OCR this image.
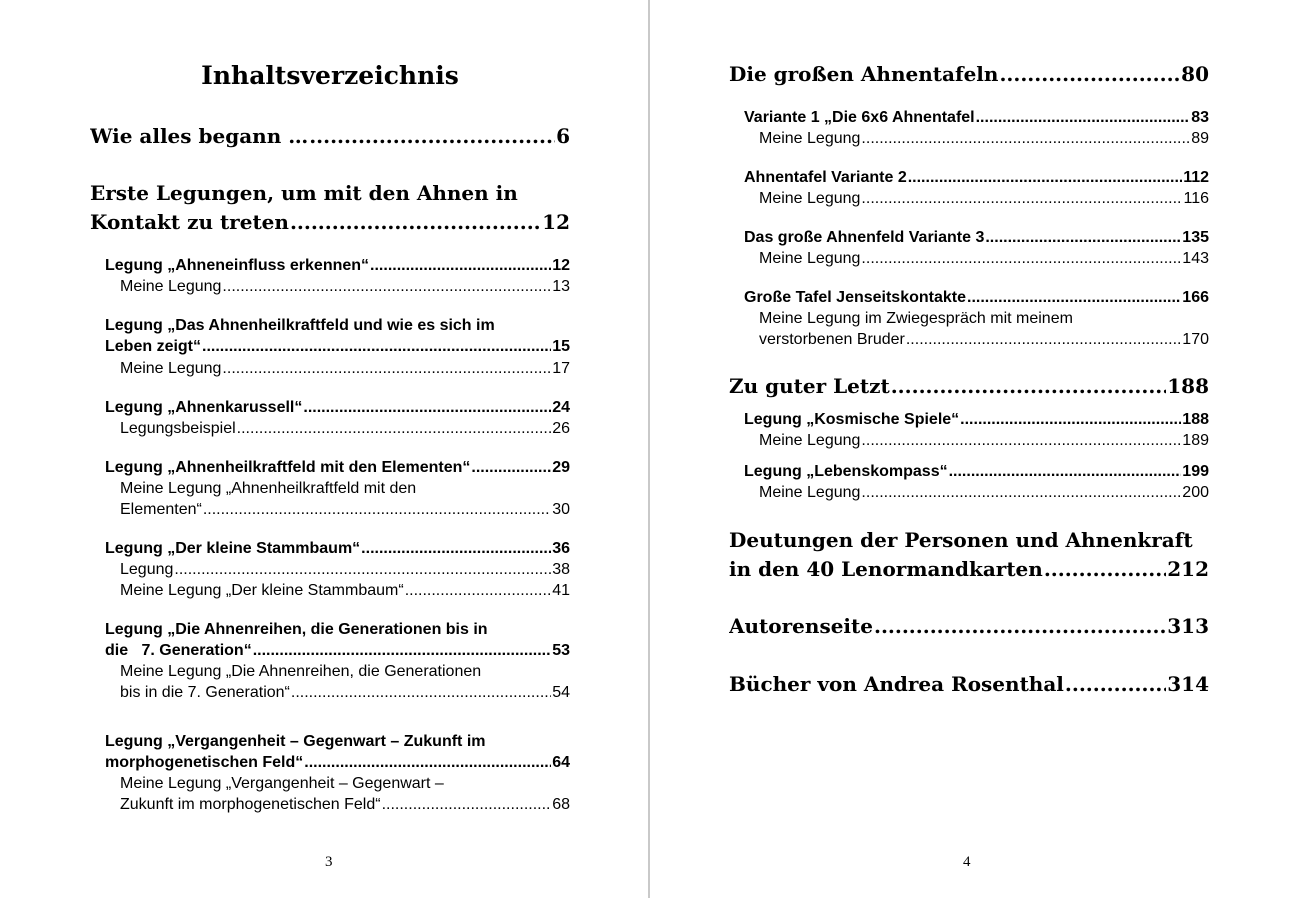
Inhaltsverzeichnis
Wie alles begann … .....	6
Erste Legungen, um mit den Ahnen in
Kontakt zu treten .....	12
Legung „Ahneneinfluss erkennen“ .....	12
Meine Legung .....	13
Legung „Das Ahnenheilkraftfeld und wie es sich im
Leben zeigt“ .....	15
Meine Legung .....	17
Legung „Ahnenkarussell“ .....	24
Legungsbeispiel .....	26
Legung „Ahnenheilkraftfeld mit den Elementen“ .....	29
Meine Legung „Ahnenheilkraftfeld mit den
Elementen“ .....	30
Legung „Der kleine Stammbaum“ .....	36
Legung .....	38
Meine Legung „Der kleine Stammbaum“ .....	41
Legung „Die Ahnenreihen, die Generationen bis in
die   7. Generation“ .....	53
Meine Legung „Die Ahnenreihen, die Generationen
bis in die 7. Generation“ .....	54
Legung „Vergangenheit – Gegenwart – Zukunft im
morphogenetischen Feld“ .....	64
Meine Legung „Vergangenheit – Gegenwart –
Zukunft im morphogenetischen Feld“ .....	68
3
Die großen Ahnentafeln .....	80
Variante 1 „Die 6x6 Ahnentafel .....	83
Meine Legung .....	89
Ahnentafel Variante 2 .....	112
Meine Legung .....	116
Das große Ahnenfeld Variante 3 .....	135
Meine Legung .....	143
Große Tafel Jenseitskontakte .....	166
Meine Legung im Zwiegespräch mit meinem
verstorbenen Bruder .....	170
Zu guter Letzt .....	188
Legung „Kosmische Spiele“ .....	188
Meine Legung .....	189
Legung „Lebenskompass“ .....	199
Meine Legung .....	200
Deutungen der Personen und Ahnenkraft
in den 40 Lenormandkarten .....	212
Autorenseite .....	313
Bücher von Andrea Rosenthal .....	314
4
